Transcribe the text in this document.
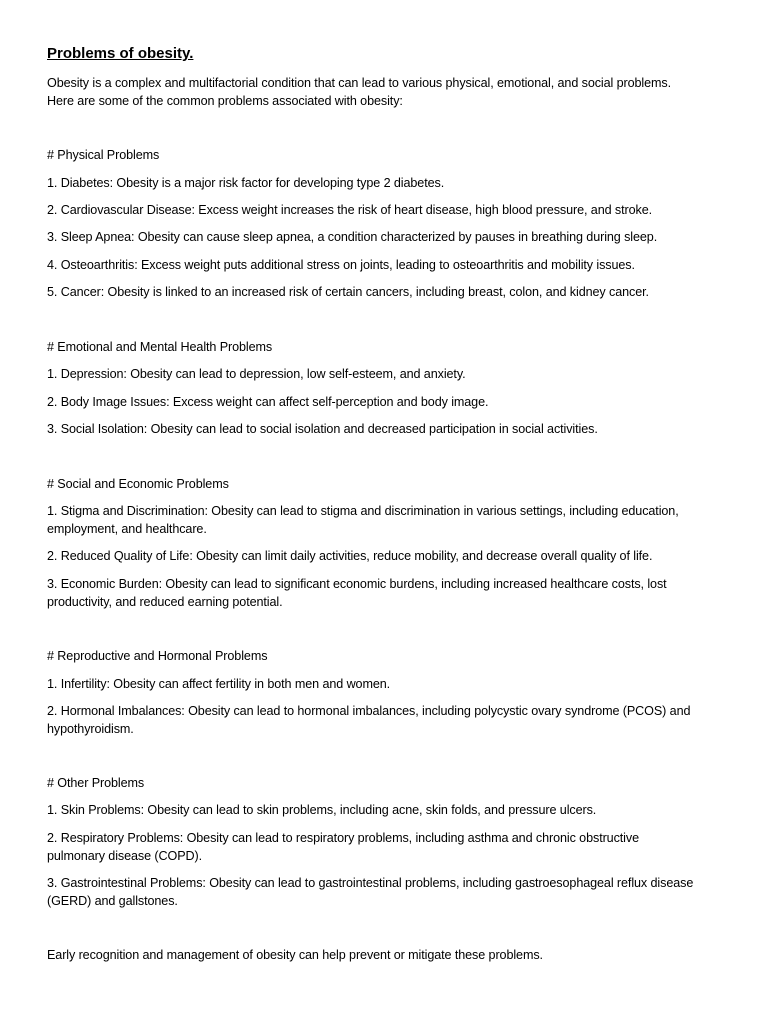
Problems of obesity.

Obesity is a complex and multifactorial condition that can lead to various physical, emotional, and social problems. Here are some of the common problems associated with obesity:

# Physical Problems

1. Diabetes: Obesity is a major risk factor for developing type 2 diabetes.

2. Cardiovascular Disease: Excess weight increases the risk of heart disease, high blood pressure, and stroke.

3. Sleep Apnea: Obesity can cause sleep apnea, a condition characterized by pauses in breathing during sleep.

4. Osteoarthritis: Excess weight puts additional stress on joints, leading to osteoarthritis and mobility issues.

5. Cancer: Obesity is linked to an increased risk of certain cancers, including breast, colon, and kidney cancer.

# Emotional and Mental Health Problems

1. Depression: Obesity can lead to depression, low self-esteem, and anxiety.

2. Body Image Issues: Excess weight can affect self-perception and body image.

3. Social Isolation: Obesity can lead to social isolation and decreased participation in social activities.

# Social and Economic Problems

1. Stigma and Discrimination: Obesity can lead to stigma and discrimination in various settings, including education, employment, and healthcare.

2. Reduced Quality of Life: Obesity can limit daily activities, reduce mobility, and decrease overall quality of life.

3. Economic Burden: Obesity can lead to significant economic burdens, including increased healthcare costs, lost productivity, and reduced earning potential.

# Reproductive and Hormonal Problems

1. Infertility: Obesity can affect fertility in both men and women.

2. Hormonal Imbalances: Obesity can lead to hormonal imbalances, including polycystic ovary syndrome (PCOS) and hypothyroidism.

# Other Problems

1. Skin Problems: Obesity can lead to skin problems, including acne, skin folds, and pressure ulcers.

2. Respiratory Problems: Obesity can lead to respiratory problems, including asthma and chronic obstructive pulmonary disease (COPD).

3. Gastrointestinal Problems: Obesity can lead to gastrointestinal problems, including gastroesophageal reflux disease (GERD) and gallstones.

Early recognition and management of obesity can help prevent or mitigate these problems.
